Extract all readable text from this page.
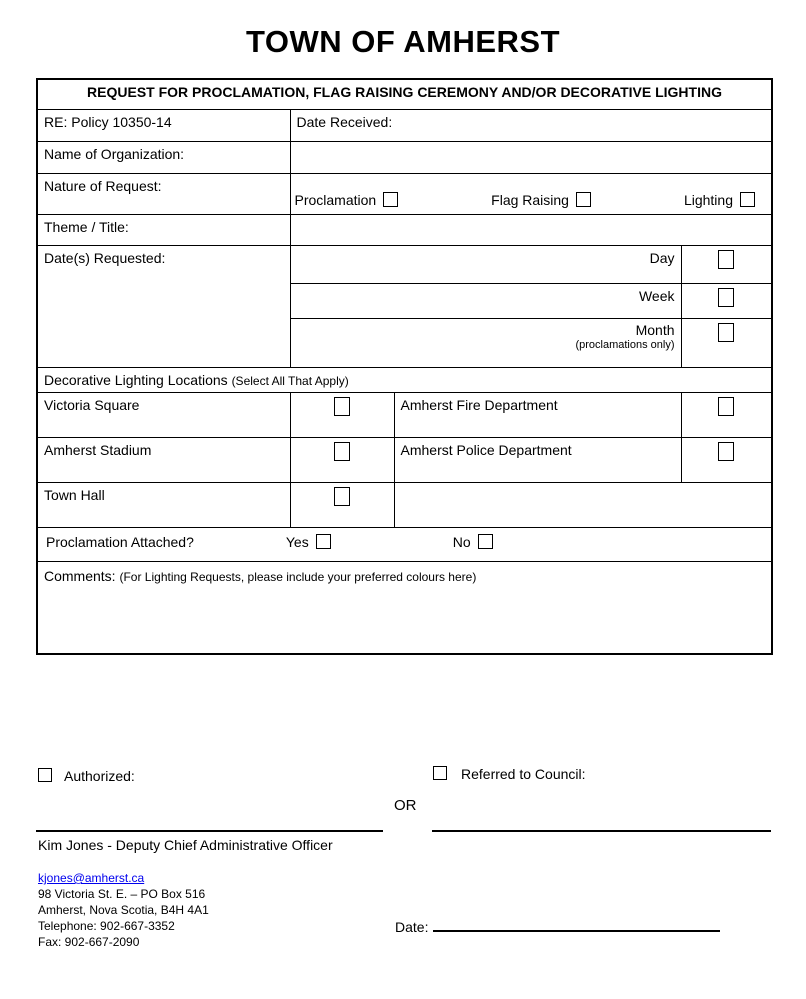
TOWN OF AMHERST
REQUEST FOR PROCLAMATION, FLAG RAISING CEREMONY AND/OR DECORATIVE LIGHTING			
RE: Policy 10350-14	Date Received:		
Name of Organization:			
Nature of Request:	Proclamation Flag Raising Lighting		

Theme / Title:			
Date(s) Requested:	Day		
	Week		

	Month
(proclamations only)		

Decorative Lighting Locations (Select All That Apply)			
Victoria Square		Amherst Fire Department	
Amherst Stadium		Amherst Police Department	
Town Hall			

Proclamation Attached? Yes No			

Comments: (For Lighting Requests, please include your preferred colours here)			
Authorized:	Referred to Council:
OR
Kim Jones - Deputy Chief Administrative Officer
kjones@amherst.ca
98 Victoria St. E. – PO Box 516
Amherst, Nova Scotia, B4H 4A1
Telephone: 902-667-3352
Fax: 902-667-2090
Date:
